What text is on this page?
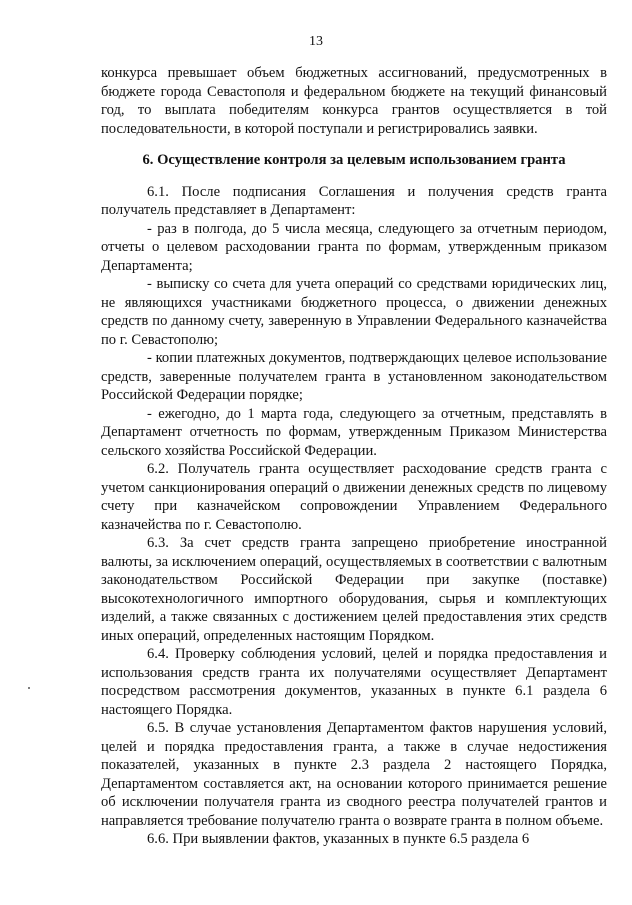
13

конкурса превышает объем бюджетных ассигнований, предусмотренных в бюджете города Севастополя и федеральном бюджете на текущий финансовый год, то выплата победителям конкурса грантов осуществляется в той последовательности, в которой поступали и регистрировались заявки.

6. Осуществление контроля за целевым использованием гранта

6.1. После подписания Соглашения и получения средств гранта получатель представляет в Департамент:

- раз в полгода, до 5 числа месяца, следующего за отчетным периодом, отчеты о целевом расходовании гранта по формам, утвержденным приказом Департамента;

- выписку со счета для учета операций со средствами юридических лиц, не являющихся участниками бюджетного процесса, о движении денежных средств по данному счету, заверенную в Управлении Федерального казначейства по г. Севастополю;

- копии платежных документов, подтверждающих целевое использование средств, заверенные получателем гранта в установленном законодательством Российской Федерации порядке;

- ежегодно, до 1 марта года, следующего за отчетным, представлять в Департамент отчетность по формам, утвержденным Приказом Министерства сельского хозяйства Российской Федерации.

6.2. Получатель гранта осуществляет расходование средств гранта с учетом санкционирования операций о движении денежных средств по лицевому счету при казначейском сопровождении Управлением Федерального казначейства по г. Севастополю.

6.3. За счет средств гранта запрещено приобретение иностранной валюты, за исключением операций, осуществляемых в соответствии с валютным законодательством Российской Федерации при закупке (поставке) высокотехнологичного импортного оборудования, сырья и комплектующих изделий, а также связанных с достижением целей предоставления этих средств иных операций, определенных настоящим Порядком.

6.4. Проверку соблюдения условий, целей и порядка предоставления и использования средств гранта их получателями осуществляет Департамент посредством рассмотрения документов, указанных в пункте 6.1 раздела 6 настоящего Порядка.

6.5. В случае установления Департаментом фактов нарушения условий, целей и порядка предоставления гранта, а также в случае недостижения показателей, указанных в пункте 2.3 раздела 2 настоящего Порядка, Департаментом составляется акт, на основании которого принимается решение об исключении получателя гранта из сводного реестра получателей грантов и направляется требование получателю гранта о возврате гранта в полном объеме.

6.6. При выявлении фактов, указанных в пункте 6.5 раздела 6
